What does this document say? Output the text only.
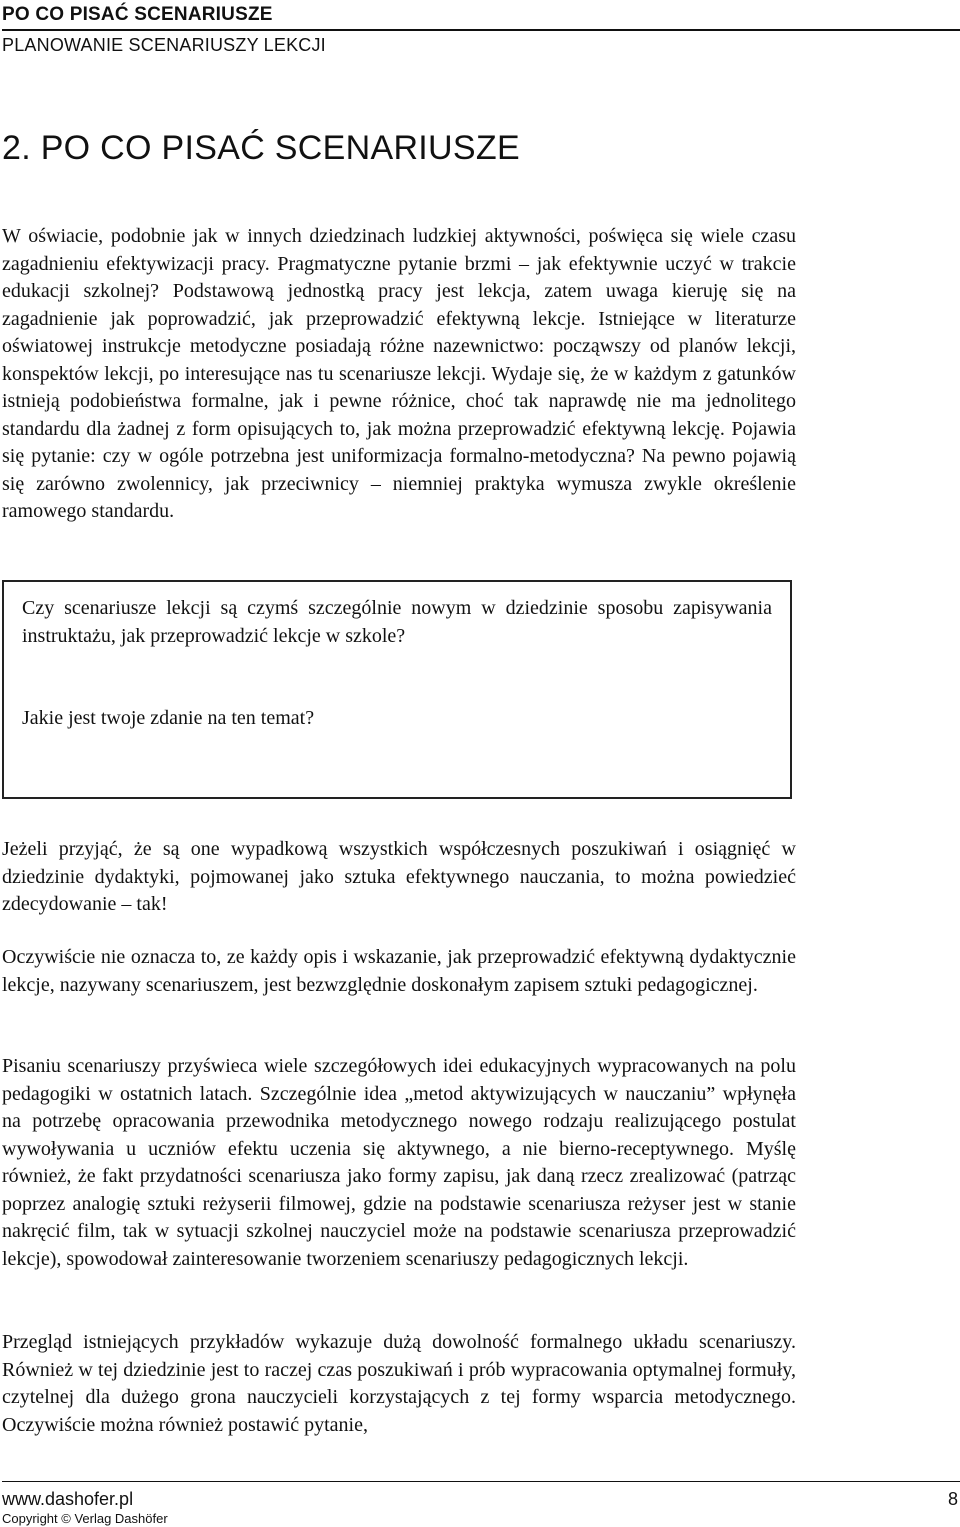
PO CO PISAĆ SCENARIUSZE
PLANOWANIE SCENARIUSZY LEKCJI
2. PO CO PISAĆ SCENARIUSZE

W oświacie, podobnie jak w innych dziedzinach ludzkiej aktywności, poświęca się wiele czasu zagadnieniu efektywizacji pracy. Pragmatyczne pytanie brzmi – jak efektywnie uczyć w trakcie edukacji szkolnej? Podstawową jednostką pracy jest lekcja, zatem uwaga kieruję się na zagadnienie jak poprowadzić, jak przeprowadzić efektywną lekcje. Istniejące w literaturze oświatowej instrukcje metodyczne posiadają różne nazewnictwo: począwszy od planów lekcji, konspektów lekcji, po interesujące nas tu scenariusze lekcji. Wydaje się, że w każdym z gatunków istnieją podobieństwa formalne, jak i pewne różnice, choć tak naprawdę nie ma jednolitego standardu dla żadnej z form opisujących to, jak można przeprowadzić efektywną lekcję. Pojawia się pytanie: czy w ogóle potrzebna jest uniformizacja formalno-metodyczna? Na pewno pojawią się zarówno zwolennicy, jak przeciwnicy – niemniej praktyka wymusza zwykle określenie ramowego standardu.

Czy scenariusze lekcji są czymś szczególnie nowym w dziedzinie sposobu zapisywania instruktażu, jak przeprowadzić lekcje w szkole?

Jakie jest twoje zdanie na ten temat?

Jeżeli przyjąć, że są one wypadkową wszystkich współczesnych poszukiwań i osiągnięć w dziedzinie dydaktyki, pojmowanej jako sztuka efektywnego nauczania, to można powiedzieć zdecydowanie – tak!

Oczywiście nie oznacza to, ze każdy opis i wskazanie, jak przeprowadzić efektywną dydaktycznie lekcje, nazywany scenariuszem, jest bezwzględnie doskonałym zapisem sztuki pedagogicznej.

Pisaniu scenariuszy przyświeca wiele szczegółowych idei edukacyjnych wypracowanych na polu pedagogiki w ostatnich latach. Szczególnie idea „metod aktywizujących w nauczaniu” wpłynęła na potrzebę opracowania przewodnika metodycznego nowego rodzaju realizującego postulat wywoływania u uczniów efektu uczenia się aktywnego, a nie bierno-receptywnego. Myślę również, że fakt przydatności scenariusza jako formy zapisu, jak daną rzecz zrealizować (patrząc poprzez analogię sztuki reżyserii filmowej, gdzie na podstawie scenariusza reżyser jest w stanie nakręcić film, tak w sytuacji szkolnej nauczyciel może na podstawie scenariusza przeprowadzić lekcje), spowodował zainteresowanie tworzeniem scenariuszy pedagogicznych lekcji.

Przegląd istniejących przykładów wykazuje dużą dowolność formalnego układu scenariuszy. Również w tej dziedzinie jest to raczej czas poszukiwań i prób wypracowania optymalnej formuły, czytelnej dla dużego grona nauczycieli korzystających z tej formy wsparcia metodycznego. Oczywiście można również postawić pytanie,

www.dashofer.pl	8
Copyright © Verlag Dashöfer
